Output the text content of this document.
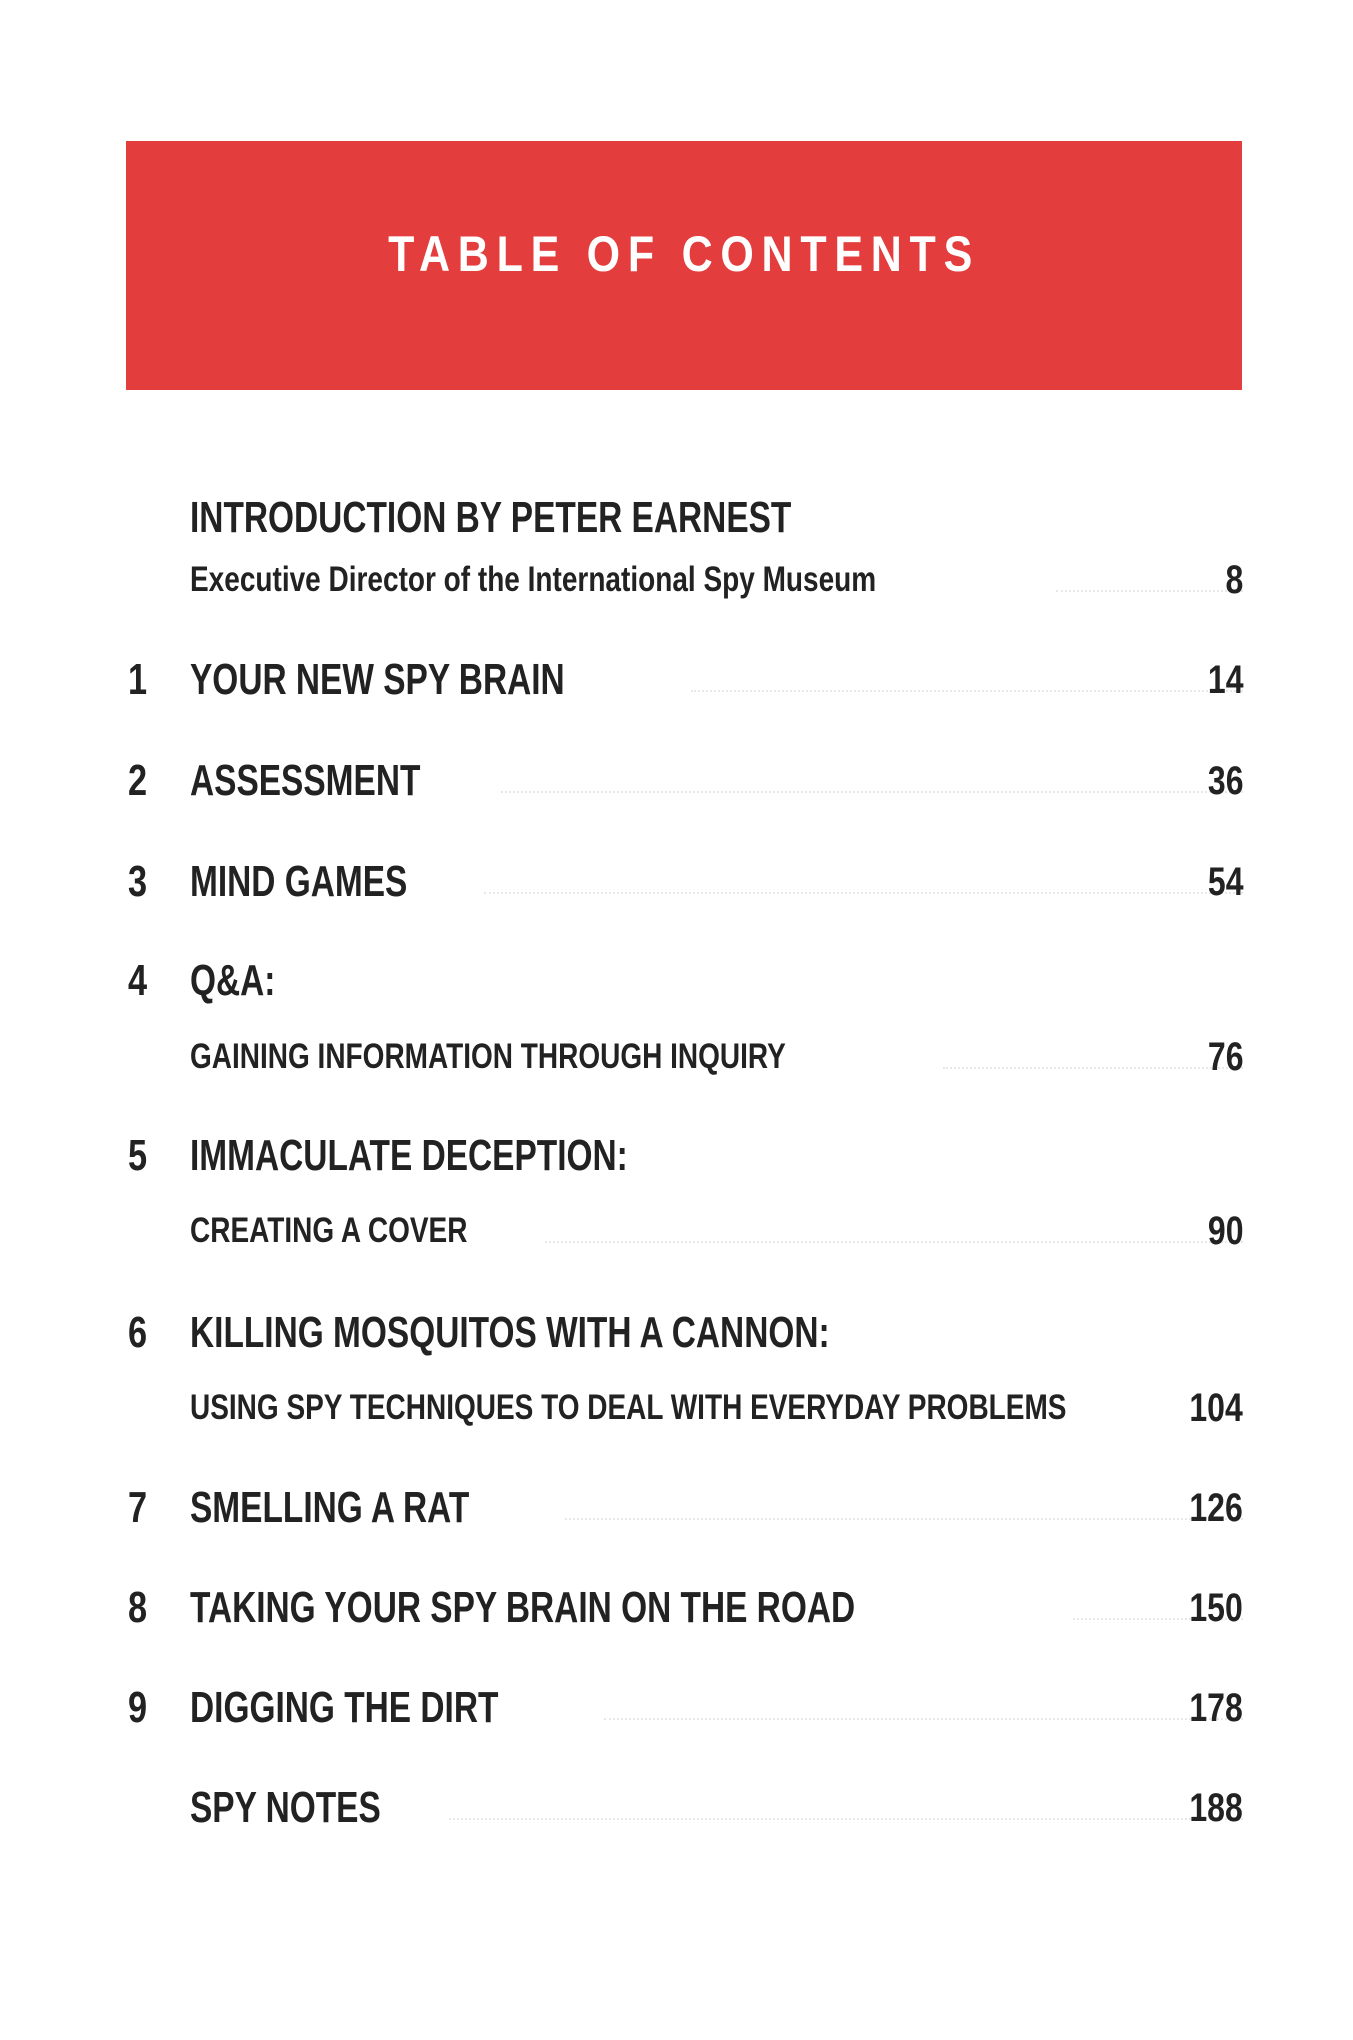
TABLE OF CONTENTS
INTRODUCTION BY PETER EARNEST
Executive Director of the International Spy Museum	8
1 YOUR NEW SPY BRAIN	14
2 ASSESSMENT	36
3 MIND GAMES	54
4 Q&A:
GAINING INFORMATION THROUGH INQUIRY	76
5 IMMACULATE DECEPTION:
CREATING A COVER	90
6 KILLING MOSQUITOS WITH A CANNON:
USING SPY TECHNIQUES TO DEAL WITH EVERYDAY PROBLEMS	104
7 SMELLING A RAT	126
8 TAKING YOUR SPY BRAIN ON THE ROAD	150
9 DIGGING THE DIRT	178
SPY NOTES	188
